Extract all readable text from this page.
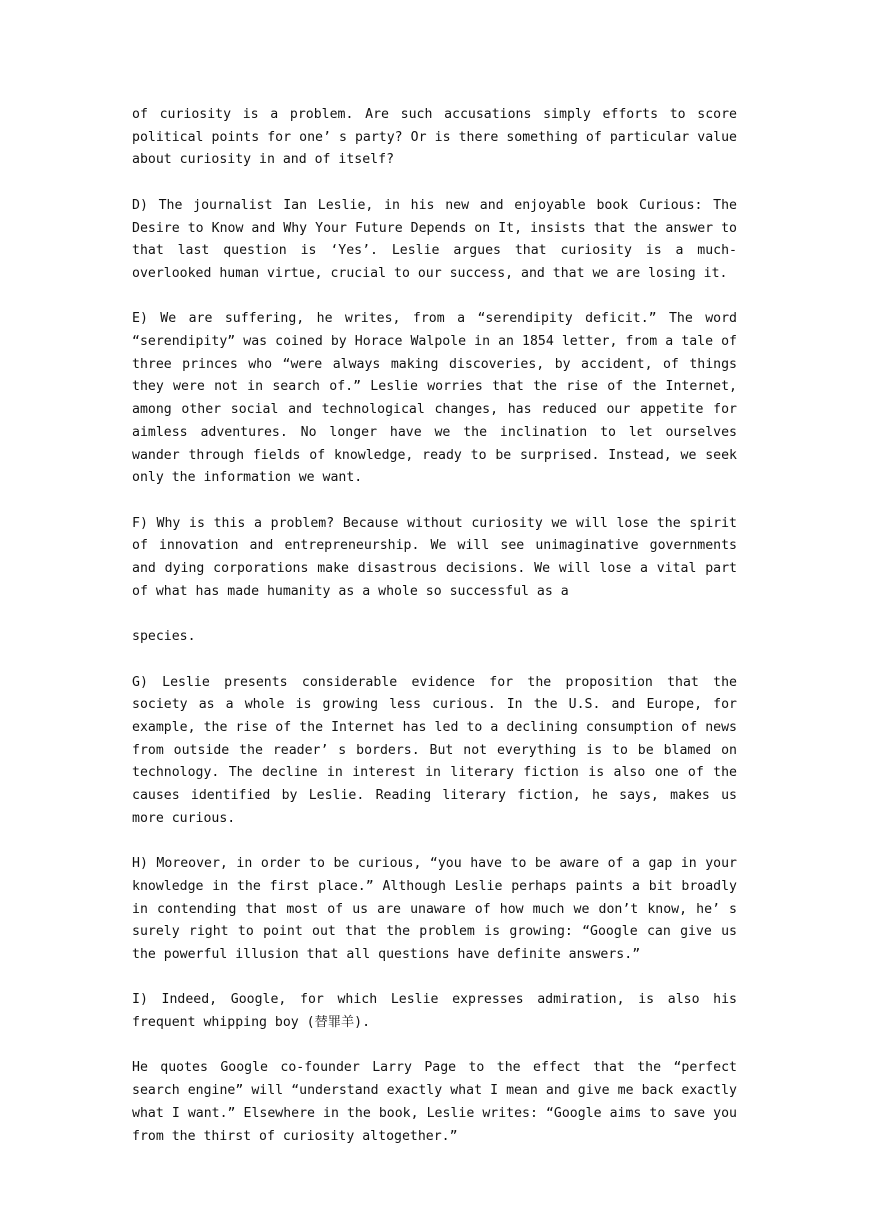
of curiosity is a problem. Are such accusations simply efforts to score political points for one’ s party? Or is there something of particular value about curiosity in and of itself?

D) The journalist Ian Leslie, in his new and enjoyable book Curious: The Desire to Know and Why Your Future Depends on It, insists that the answer to that last question is ‘Yes’. Leslie argues that curiosity is a much-overlooked human virtue, crucial to our success, and that we are losing it.

E) We are suffering, he writes, from a “serendipity deficit.” The word “serendipity” was coined by Horace Walpole in an 1854 letter, from a tale of three princes who “were always making discoveries, by accident, of things they were not in search of.” Leslie worries that the rise of the Internet, among other social and technological changes, has reduced our appetite for aimless adventures. No longer have we the inclination to let ourselves wander through fields of knowledge, ready to be surprised. Instead, we seek only the information we want.

F) Why is this a problem? Because without curiosity we will lose the spirit of innovation and entrepreneurship. We will see unimaginative governments and dying corporations make disastrous decisions. We will lose a vital part of what has made humanity as a whole so successful as a

species.

G) Leslie presents considerable evidence for the proposition that the society as a whole is growing less curious. In the U.S. and Europe, for example, the rise of the Internet has led to a declining consumption of news from outside the reader’ s borders. But not everything is to be blamed on technology. The decline in interest in literary fiction is also one of the causes identified by Leslie. Reading literary fiction, he says, makes us more curious.

H) Moreover, in order to be curious, “you have to be aware of a gap in your knowledge in the first place.” Although Leslie perhaps paints a bit broadly in contending that most of us are unaware of how much we don’t know, he’ s surely right to point out that the problem is growing: “Google can give us the powerful illusion that all questions have definite answers.”

I) Indeed, Google, for which Leslie expresses admiration, is also his frequent whipping boy (替罪羊).

He quotes Google co-founder Larry Page to the effect that the “perfect search engine” will “understand exactly what I mean and give me back exactly what I want.” Elsewhere in the book, Leslie writes: “Google aims to save you from the thirst of curiosity altogether.”
